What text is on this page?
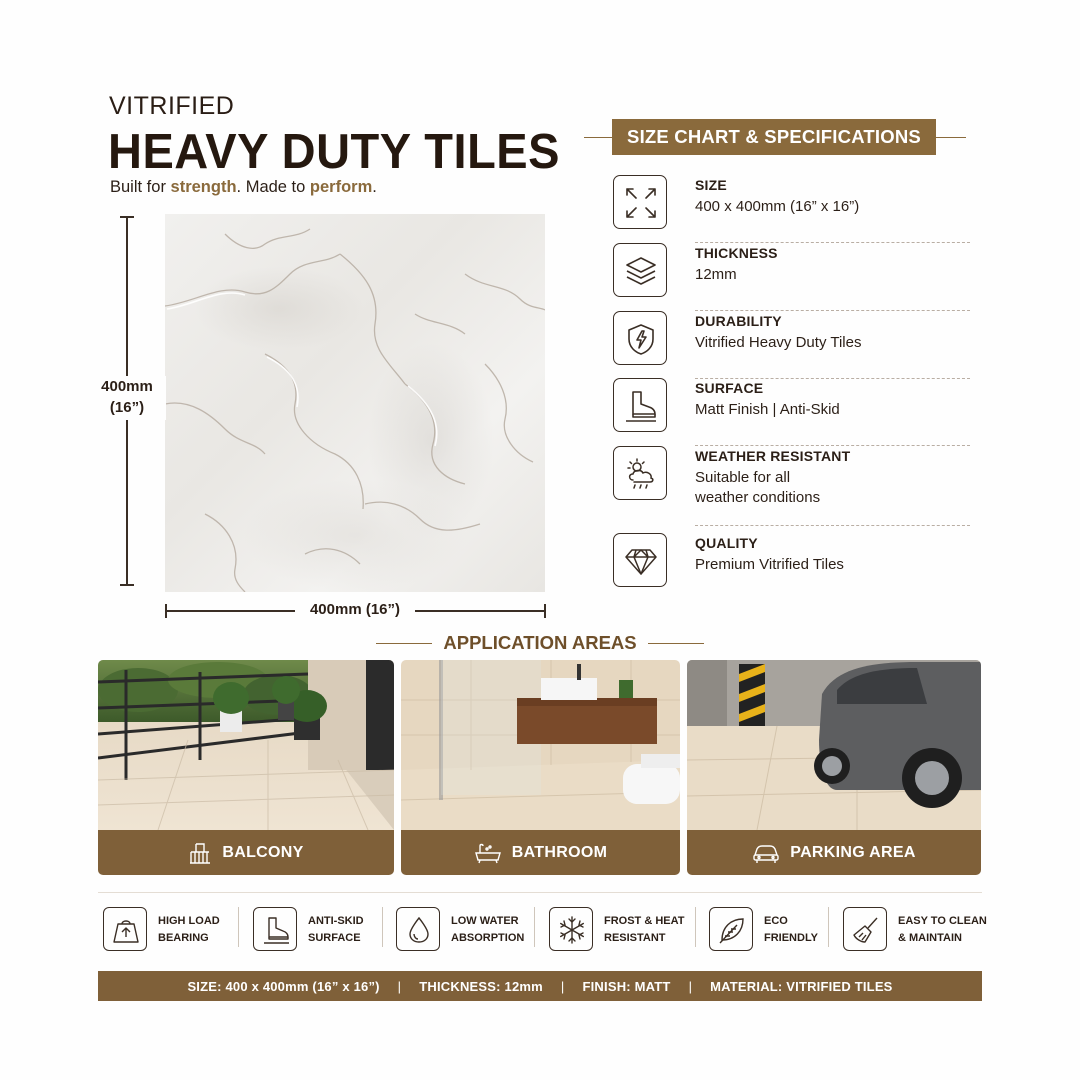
VITRIFIED
HEAVY DUTY TILES
Built for strength. Made to perform.
400mm
(16”)
400mm (16”)
SIZE CHART & SPECIFICATIONS
SIZE
400 x 400mm (16” x 16”)
THICKNESS
12mm
DURABILITY
Vitrified Heavy Duty Tiles
SURFACE
Matt Finish | Anti-Skid
WEATHER RESISTANT
Suitable for all
weather conditions
QUALITY
Premium Vitrified Tiles
APPLICATION AREAS
BALCONY	BATHROOM	PARKING AREA
HIGH LOAD
BEARING
ANTI-SKID
SURFACE
LOW WATER
ABSORPTION
FROST & HEAT
RESISTANT
ECO
FRIENDLY
EASY TO CLEAN
& MAINTAIN
SIZE: 400 x 400mm (16” x 16”) | THICKNESS: 12mm | FINISH: MATT | MATERIAL: VITRIFIED TILES
